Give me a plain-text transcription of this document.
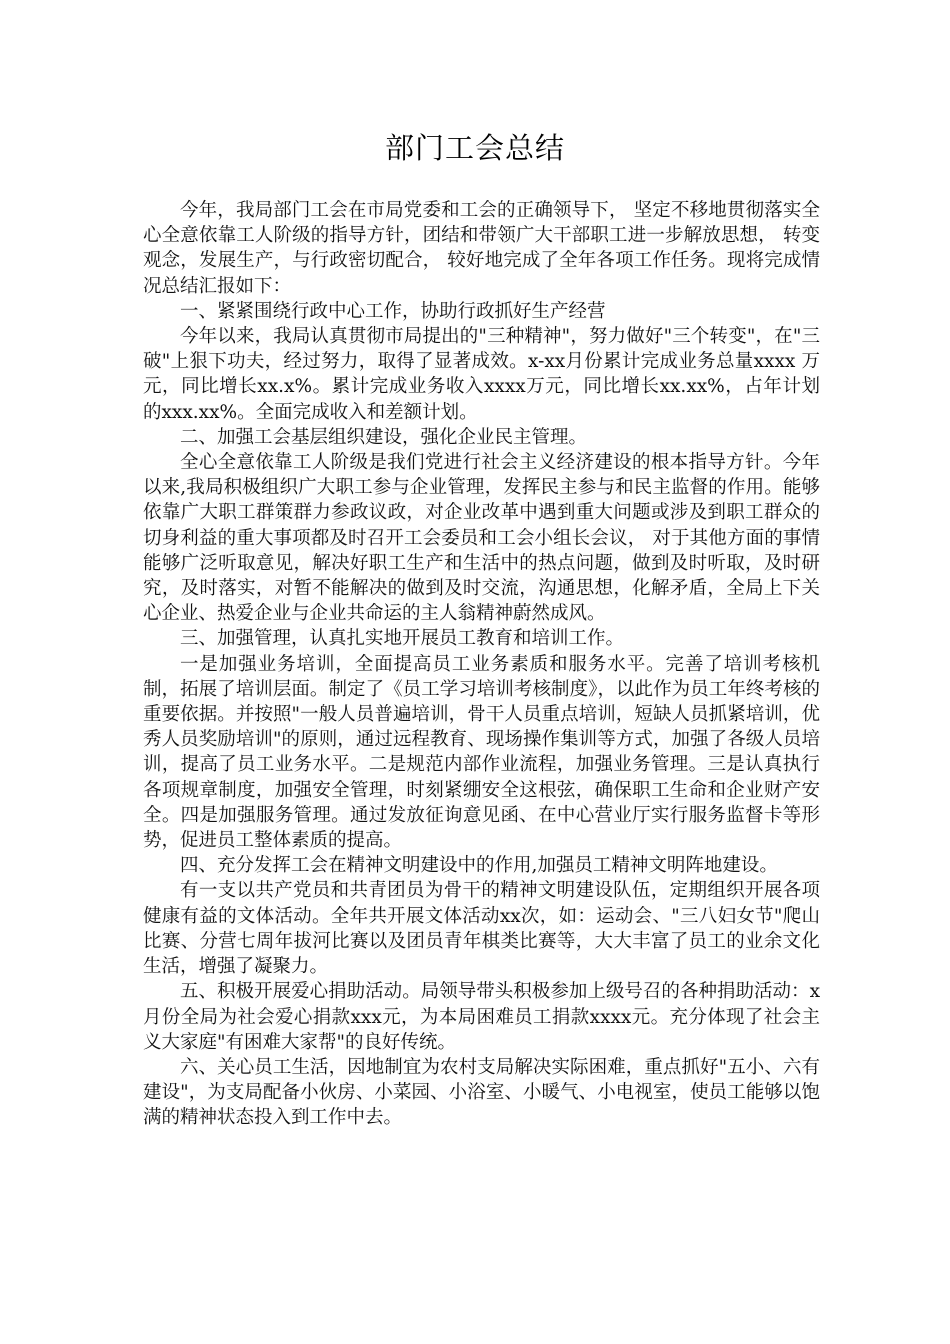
部门工会总结

今年，我局部门工会在市局党委和工会的正确领导下， 坚定不移地贯彻落实全心全意依靠工人阶级的指导方针，团结和带领广大干部职工进一步解放思想， 转变观念，发展生产，与行政密切配合， 较好地完成了全年各项工作任务。现将完成情况总结汇报如下：

一、紧紧围绕行政中心工作，协助行政抓好生产经营

今年以来，我局认真贯彻市局提出的"三种精神"，努力做好"三个转变"，在"三破"上狠下功夫，经过努力，取得了显著成效。x-xx月份累计完成业务总量xxxx 万元，同比增长xx.x%。累计完成业务收入xxxx万元，同比增长xx.xx%，占年计划的xxx.xx%。全面完成收入和差额计划。

二、加强工会基层组织建设，强化企业民主管理。

全心全意依靠工人阶级是我们党进行社会主义经济建设的根本指导方针。今年以来,我局积极组织广大职工参与企业管理，发挥民主参与和民主监督的作用。能够依靠广大职工群策群力参政议政，对企业改革中遇到重大问题或涉及到职工群众的切身利益的重大事项都及时召开工会委员和工会小组长会议， 对于其他方面的事情能够广泛听取意见，解决好职工生产和生活中的热点问题，做到及时听取，及时研究，及时落实，对暂不能解决的做到及时交流，沟通思想，化解矛盾，全局上下关心企业、热爱企业与企业共命运的主人翁精神蔚然成风。

三、加强管理，认真扎实地开展员工教育和培训工作。

一是加强业务培训，全面提高员工业务素质和服务水平。完善了培训考核机制，拓展了培训层面。制定了《员工学习培训考核制度》，以此作为员工年终考核的重要依据。并按照"一般人员普遍培训，骨干人员重点培训，短缺人员抓紧培训，优秀人员奖励培训"的原则，通过远程教育、现场操作集训等方式，加强了各级人员培训，提高了员工业务水平。二是规范内部作业流程，加强业务管理。三是认真执行各项规章制度，加强安全管理，时刻紧绷安全这根弦，确保职工生命和企业财产安全。四是加强服务管理。通过发放征询意见函、在中心营业厅实行服务监督卡等形势，促进员工整体素质的提高。

四、充分发挥工会在精神文明建设中的作用,加强员工精神文明阵地建设。

有一支以共产党员和共青团员为骨干的精神文明建设队伍，定期组织开展各项健康有益的文体活动。全年共开展文体活动xx次，如：运动会、"三八妇女节"爬山比赛、分营七周年拔河比赛以及团员青年棋类比赛等，大大丰富了员工的业余文化生活，增强了凝聚力。

五、积极开展爱心捐助活动。局领导带头积极参加上级号召的各种捐助活动：x月份全局为社会爱心捐款xxx元，为本局困难员工捐款xxxx元。充分体现了社会主义大家庭"有困难大家帮"的良好传统。

六、关心员工生活，因地制宜为农村支局解决实际困难，重点抓好"五小、六有建设"，为支局配备小伙房、小菜园、小浴室、小暖气、小电视室，使员工能够以饱满的精神状态投入到工作中去。
